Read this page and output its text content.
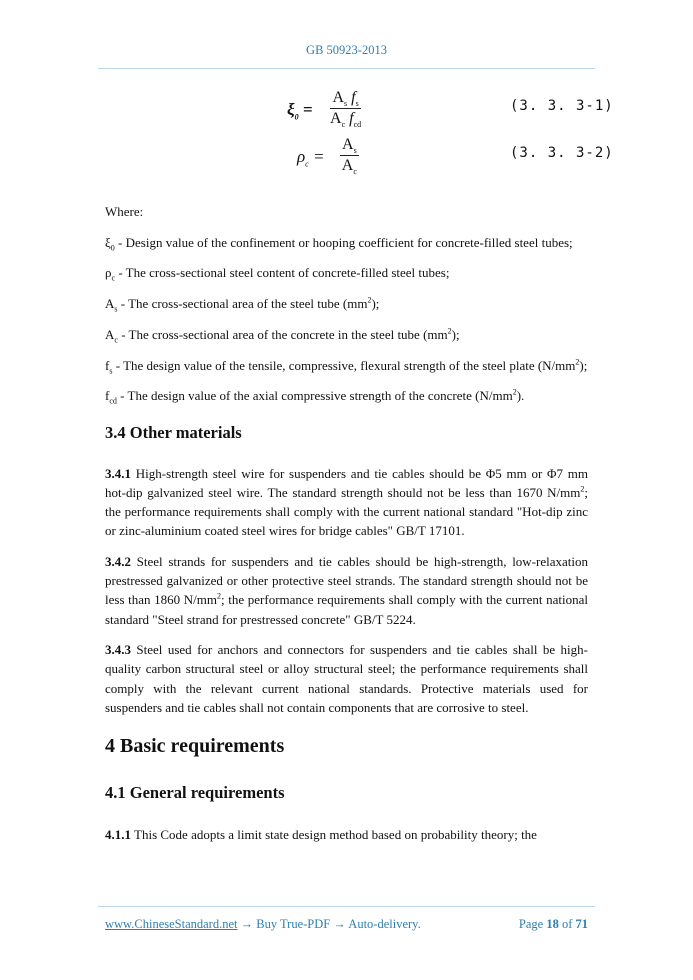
GB 50923-2013
$\xi_0$ =
$A_s$ $f_s$
$A_c$ $f_{cd}$
(3. 3. 3-1)
$\rho_c = \frac{A_s}{A_c}$	(3. 3. 3-2)

Where:

$\xi_0$ - Design value of the confinement or hooping coefficient for concrete-filled steel tubes;

$\rho_c$ - The cross-sectional steel content of concrete-filled steel tubes;

$A_s$ - The cross-sectional area of the steel tube $(mm^2)$;

$A_c$ - The cross-sectional area of the concrete in the steel tube $(mm^2)$;

$f_s$ - The design value of the tensile, compressive, flexural strength of the steel plate $(N/mm^2)$;

$f_{cd}$ - The design value of the axial compressive strength of the concrete $(N/mm^2)$.

3.4 Other materials

3.4.1 High-strength steel wire for suspenders and tie cables should be Φ5 mm or Φ7 mm hot-dip galvanized steel wire. The standard strength should not be less than 1670 $N/mm^2$; the performance requirements shall comply with the current national standard "Hot-dip zinc or zinc-aluminium coated steel wires for bridge cables" GB/T 17101.

3.4.2 Steel strands for suspenders and tie cables should be high-strength, low-relaxation prestressed galvanized or other protective steel strands. The standard strength should not be less than 1860 $N/mm^2$; the performance requirements shall comply with the current national standard "Steel strand for prestressed concrete" GB/T 5224.

3.4.3 Steel used for anchors and connectors for suspenders and tie cables shall be high-quality carbon structural steel or alloy structural steel; the performance requirements shall comply with the relevant current national standards. Protective materials used for suspenders and tie cables shall not contain components that are corrosive to steel.

4 Basic requirements
4.1 General requirements

4.1.1 This Code adopts a limit state design method based on probability theory; the

www.ChineseStandard.net → Buy True-PDF → Auto-delivery.	Page 18 of 71
